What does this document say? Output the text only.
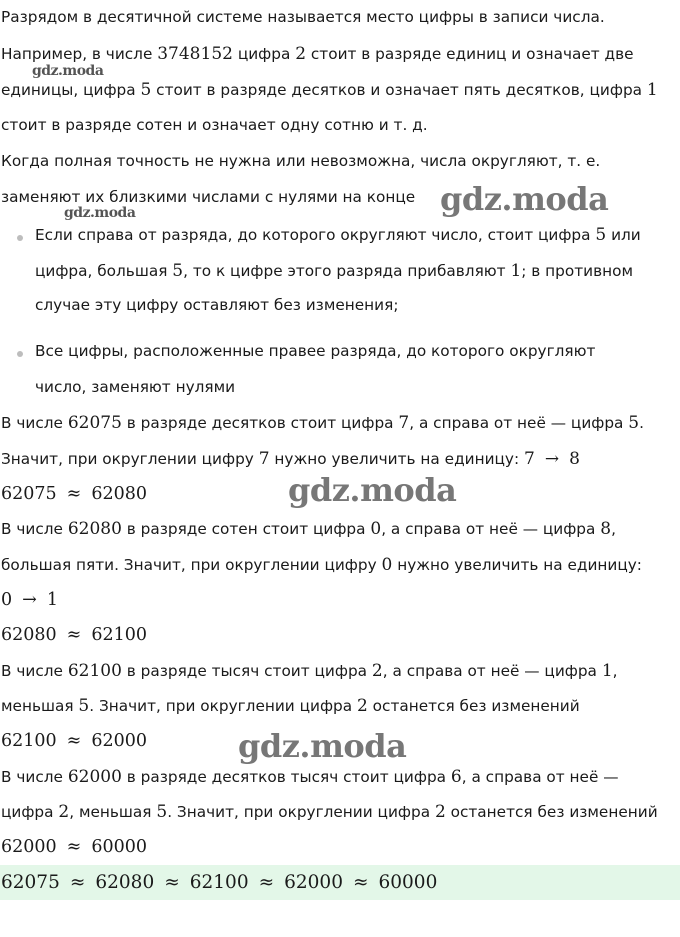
Разрядом в десятичной системе называется место цифры в записи числа.
Например, в числе 3748152 цифра 2 стоит в разряде единиц и означает две
единицы, цифра 5 стоит в разряде десятков и означает пять десятков, цифра 1
стоит в разряде сотен и означает одну сотню и т. д.
Когда полная точность не нужна или невозможна, числа округляют, т. е.
заменяют их близкими числами с нулями на конце
Если справа от разряда, до которого округляют число, стоит цифра 5 или
цифра, большая 5, то к цифре этого разряда прибавляют 1; в противном
случае эту цифру оставляют без изменения;
Все цифры, расположенные правее разряда, до которого округляют
число, заменяют нулями
В числе 62075 в разряде десятков стоит цифра 7, а справа от неё — цифра 5.
Значит, при округлении цифру 7 нужно увеличить на единицу: 7 → 8
62075 ≈ 62080
В числе 62080 в разряде сотен стоит цифра 0, а справа от неё — цифра 8,
большая пяти. Значит, при округлении цифру 0 нужно увеличить на единицу:
0 → 1
62080 ≈ 62100
В числе 62100 в разряде тысяч стоит цифра 2, а справа от неё — цифра 1,
меньшая 5. Значит, при округлении цифра 2 останется без изменений
62100 ≈ 62000
В числе 62000 в разряде десятков тысяч стоит цифра 6, а справа от неё —
цифра 2, меньшая 5. Значит, при округлении цифра 2 останется без изменений
62000 ≈ 60000
62075 ≈ 62080 ≈ 62100 ≈ 62000 ≈ 60000
gdz.moda
gdz.moda	gdz.moda
gdz.moda
gdz.moda
